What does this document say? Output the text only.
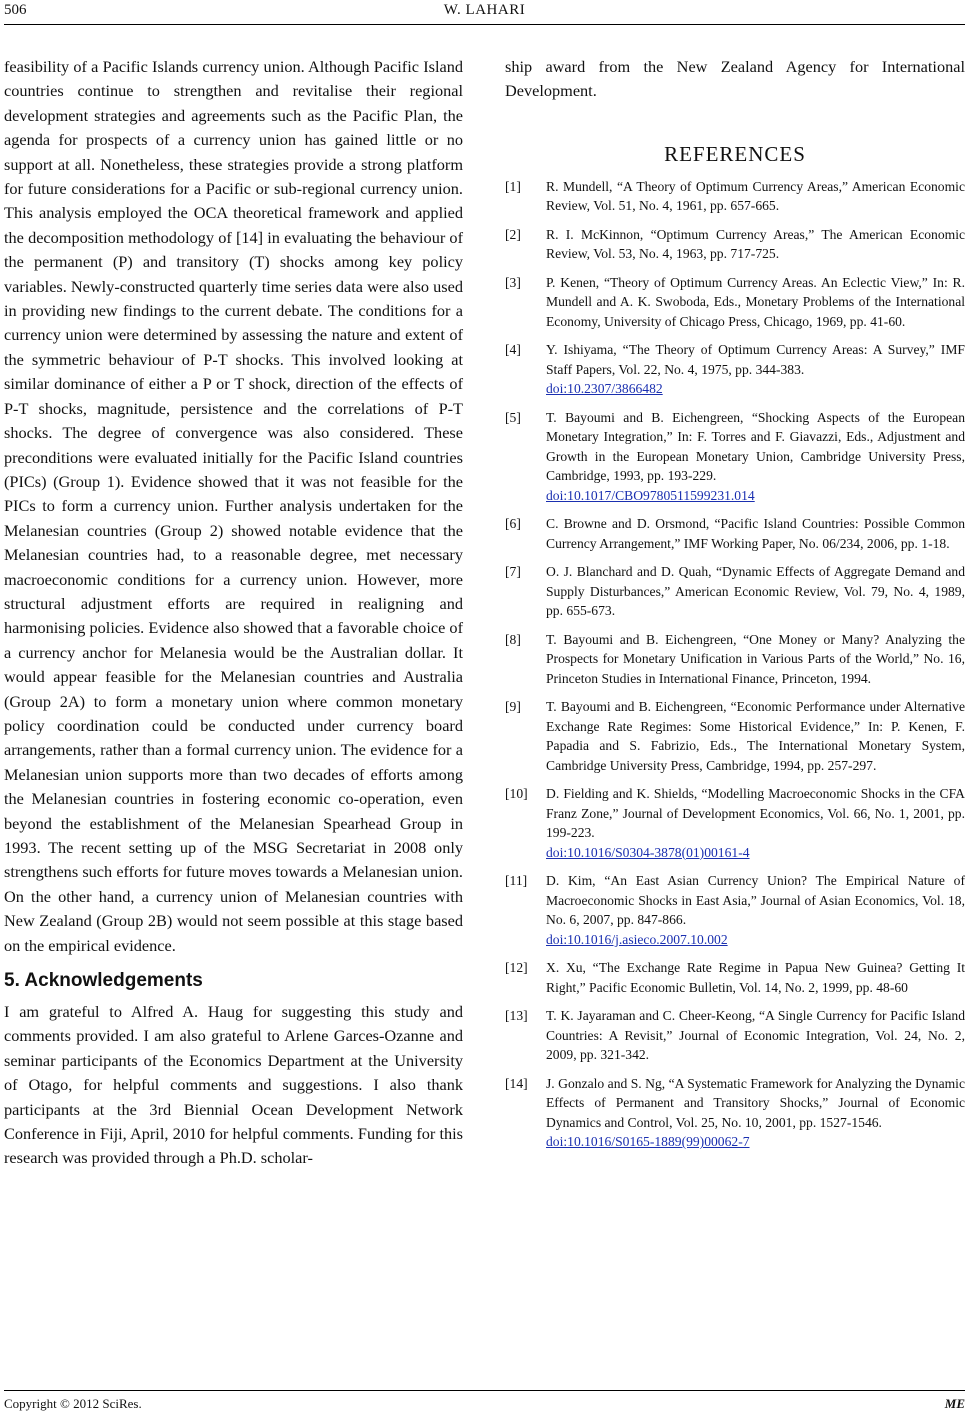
506	W. LAHARI

feasibility of a Pacific Islands currency union. Although Pacific Island countries continue to strengthen and revitalise their regional development strategies and agreements such as the Pacific Plan, the agenda for prospects of a currency union has gained little or no support at all. Nonetheless, these strategies provide a strong platform for future considerations for a Pacific or sub-regional currency union. This analysis employed the OCA theoretical framework and applied the decomposition methodology of [14] in evaluating the behaviour of the permanent (P) and transitory (T) shocks among key policy variables. Newly-constructed quarterly time series data were also used in providing new findings to the current debate. The conditions for a currency union were determined by assessing the nature and extent of the symmetric behaviour of P-T shocks. This involved looking at similar dominance of either a P or T shock, direction of the effects of P-T shocks, magnitude, persistence and the correlations of P-T shocks. The degree of convergence was also considered. These preconditions were evaluated initially for the Pacific Island countries (PICs) (Group 1). Evidence showed that it was not feasible for the PICs to form a currency union. Further analysis undertaken for the Melanesian countries (Group 2) showed notable evidence that the Melanesian countries had, to a reasonable degree, met necessary macroeconomic conditions for a currency union. However, more structural adjustment efforts are required in realigning and harmonising policies. Evidence also showed that a favorable choice of a currency anchor for Melanesia would be the Australian dollar. It would appear feasible for the Melanesian countries and Australia (Group 2A) to form a monetary union where common monetary policy coordination could be conducted under currency board arrangements, rather than a formal currency union. The evidence for a Melanesian union supports more than two decades of efforts among the Melanesian countries in fostering economic co-operation, even beyond the establishment of the Melanesian Spearhead Group in 1993. The recent setting up of the MSG Secretariat in 2008 only strengthens such efforts for future moves towards a Melanesian union. On the other hand, a currency union of Melanesian countries with New Zealand (Group 2B) would not seem possible at this stage based on the empirical evidence.

5. Acknowledgements

I am grateful to Alfred A. Haug for suggesting this study and comments provided. I am also grateful to Arlene Garces-Ozanne and seminar participants of the Economics Department at the University of Otago, for helpful comments and suggestions. I also thank participants at the 3rd Biennial Ocean Development Network Conference in Fiji, April, 2010 for helpful comments. Funding for this research was provided through a Ph.D. scholar-

ship award from the New Zealand Agency for International Development.

REFERENCES
[1] R. Mundell, “A Theory of Optimum Currency Areas,” American Economic Review, Vol. 51, No. 4, 1961, pp. 657-665.
[2] R. I. McKinnon, “Optimum Currency Areas,” The American Economic Review, Vol. 53, No. 4, 1963, pp. 717-725.
[3] P. Kenen, “Theory of Optimum Currency Areas. An Eclectic View,” In: R. Mundell and A. K. Swoboda, Eds., Monetary Problems of the International Economy, University of Chicago Press, Chicago, 1969, pp. 41-60.
[4] Y. Ishiyama, “The Theory of Optimum Currency Areas: A Survey,” IMF Staff Papers, Vol. 22, No. 4, 1975, pp. 344-383.
doi:10.2307/3866482
[5] T. Bayoumi and B. Eichengreen, “Shocking Aspects of the European Monetary Integration,” In: F. Torres and F. Giavazzi, Eds., Adjustment and Growth in the European Monetary Union, Cambridge University Press, Cambridge, 1993, pp. 193-229.
doi:10.1017/CBO9780511599231.014
[6] C. Browne and D. Orsmond, “Pacific Island Countries: Possible Common Currency Arrangement,” IMF Working Paper, No. 06/234, 2006, pp. 1-18.
[7] O. J. Blanchard and D. Quah, “Dynamic Effects of Aggregate Demand and Supply Disturbances,” American Economic Review, Vol. 79, No. 4, 1989, pp. 655-673.
[8] T. Bayoumi and B. Eichengreen, “One Money or Many? Analyzing the Prospects for Monetary Unification in Various Parts of the World,” No. 16, Princeton Studies in International Finance, Princeton, 1994.
[9] T. Bayoumi and B. Eichengreen, “Economic Performance under Alternative Exchange Rate Regimes: Some Historical Evidence,” In: P. Kenen, F. Papadia and S. Fabrizio, Eds., The International Monetary System, Cambridge University Press, Cambridge, 1994, pp. 257-297.
[10] D. Fielding and K. Shields, “Modelling Macroeconomic Shocks in the CFA Franz Zone,” Journal of Development Economics, Vol. 66, No. 1, 2001, pp. 199-223.
doi:10.1016/S0304-3878(01)00161-4
[11] D. Kim, “An East Asian Currency Union? The Empirical Nature of Macroeconomic Shocks in East Asia,” Journal of Asian Economics, Vol. 18, No. 6, 2007, pp. 847-866.
doi:10.1016/j.asieco.2007.10.002
[12] X. Xu, “The Exchange Rate Regime in Papua New Guinea? Getting It Right,” Pacific Economic Bulletin, Vol. 14, No. 2, 1999, pp. 48-60
[13] T. K. Jayaraman and C. Cheer-Keong, “A Single Currency for Pacific Island Countries: A Revisit,” Journal of Economic Integration, Vol. 24, No. 2, 2009, pp. 321-342.
[14] J. Gonzalo and S. Ng, “A Systematic Framework for Analyzing the Dynamic Effects of Permanent and Transitory Shocks,” Journal of Economic Dynamics and Control, Vol. 25, No. 10, 2001, pp. 1527-1546.
doi:10.1016/S0165-1889(99)00062-7
Copyright © 2012 SciRes.	ME
